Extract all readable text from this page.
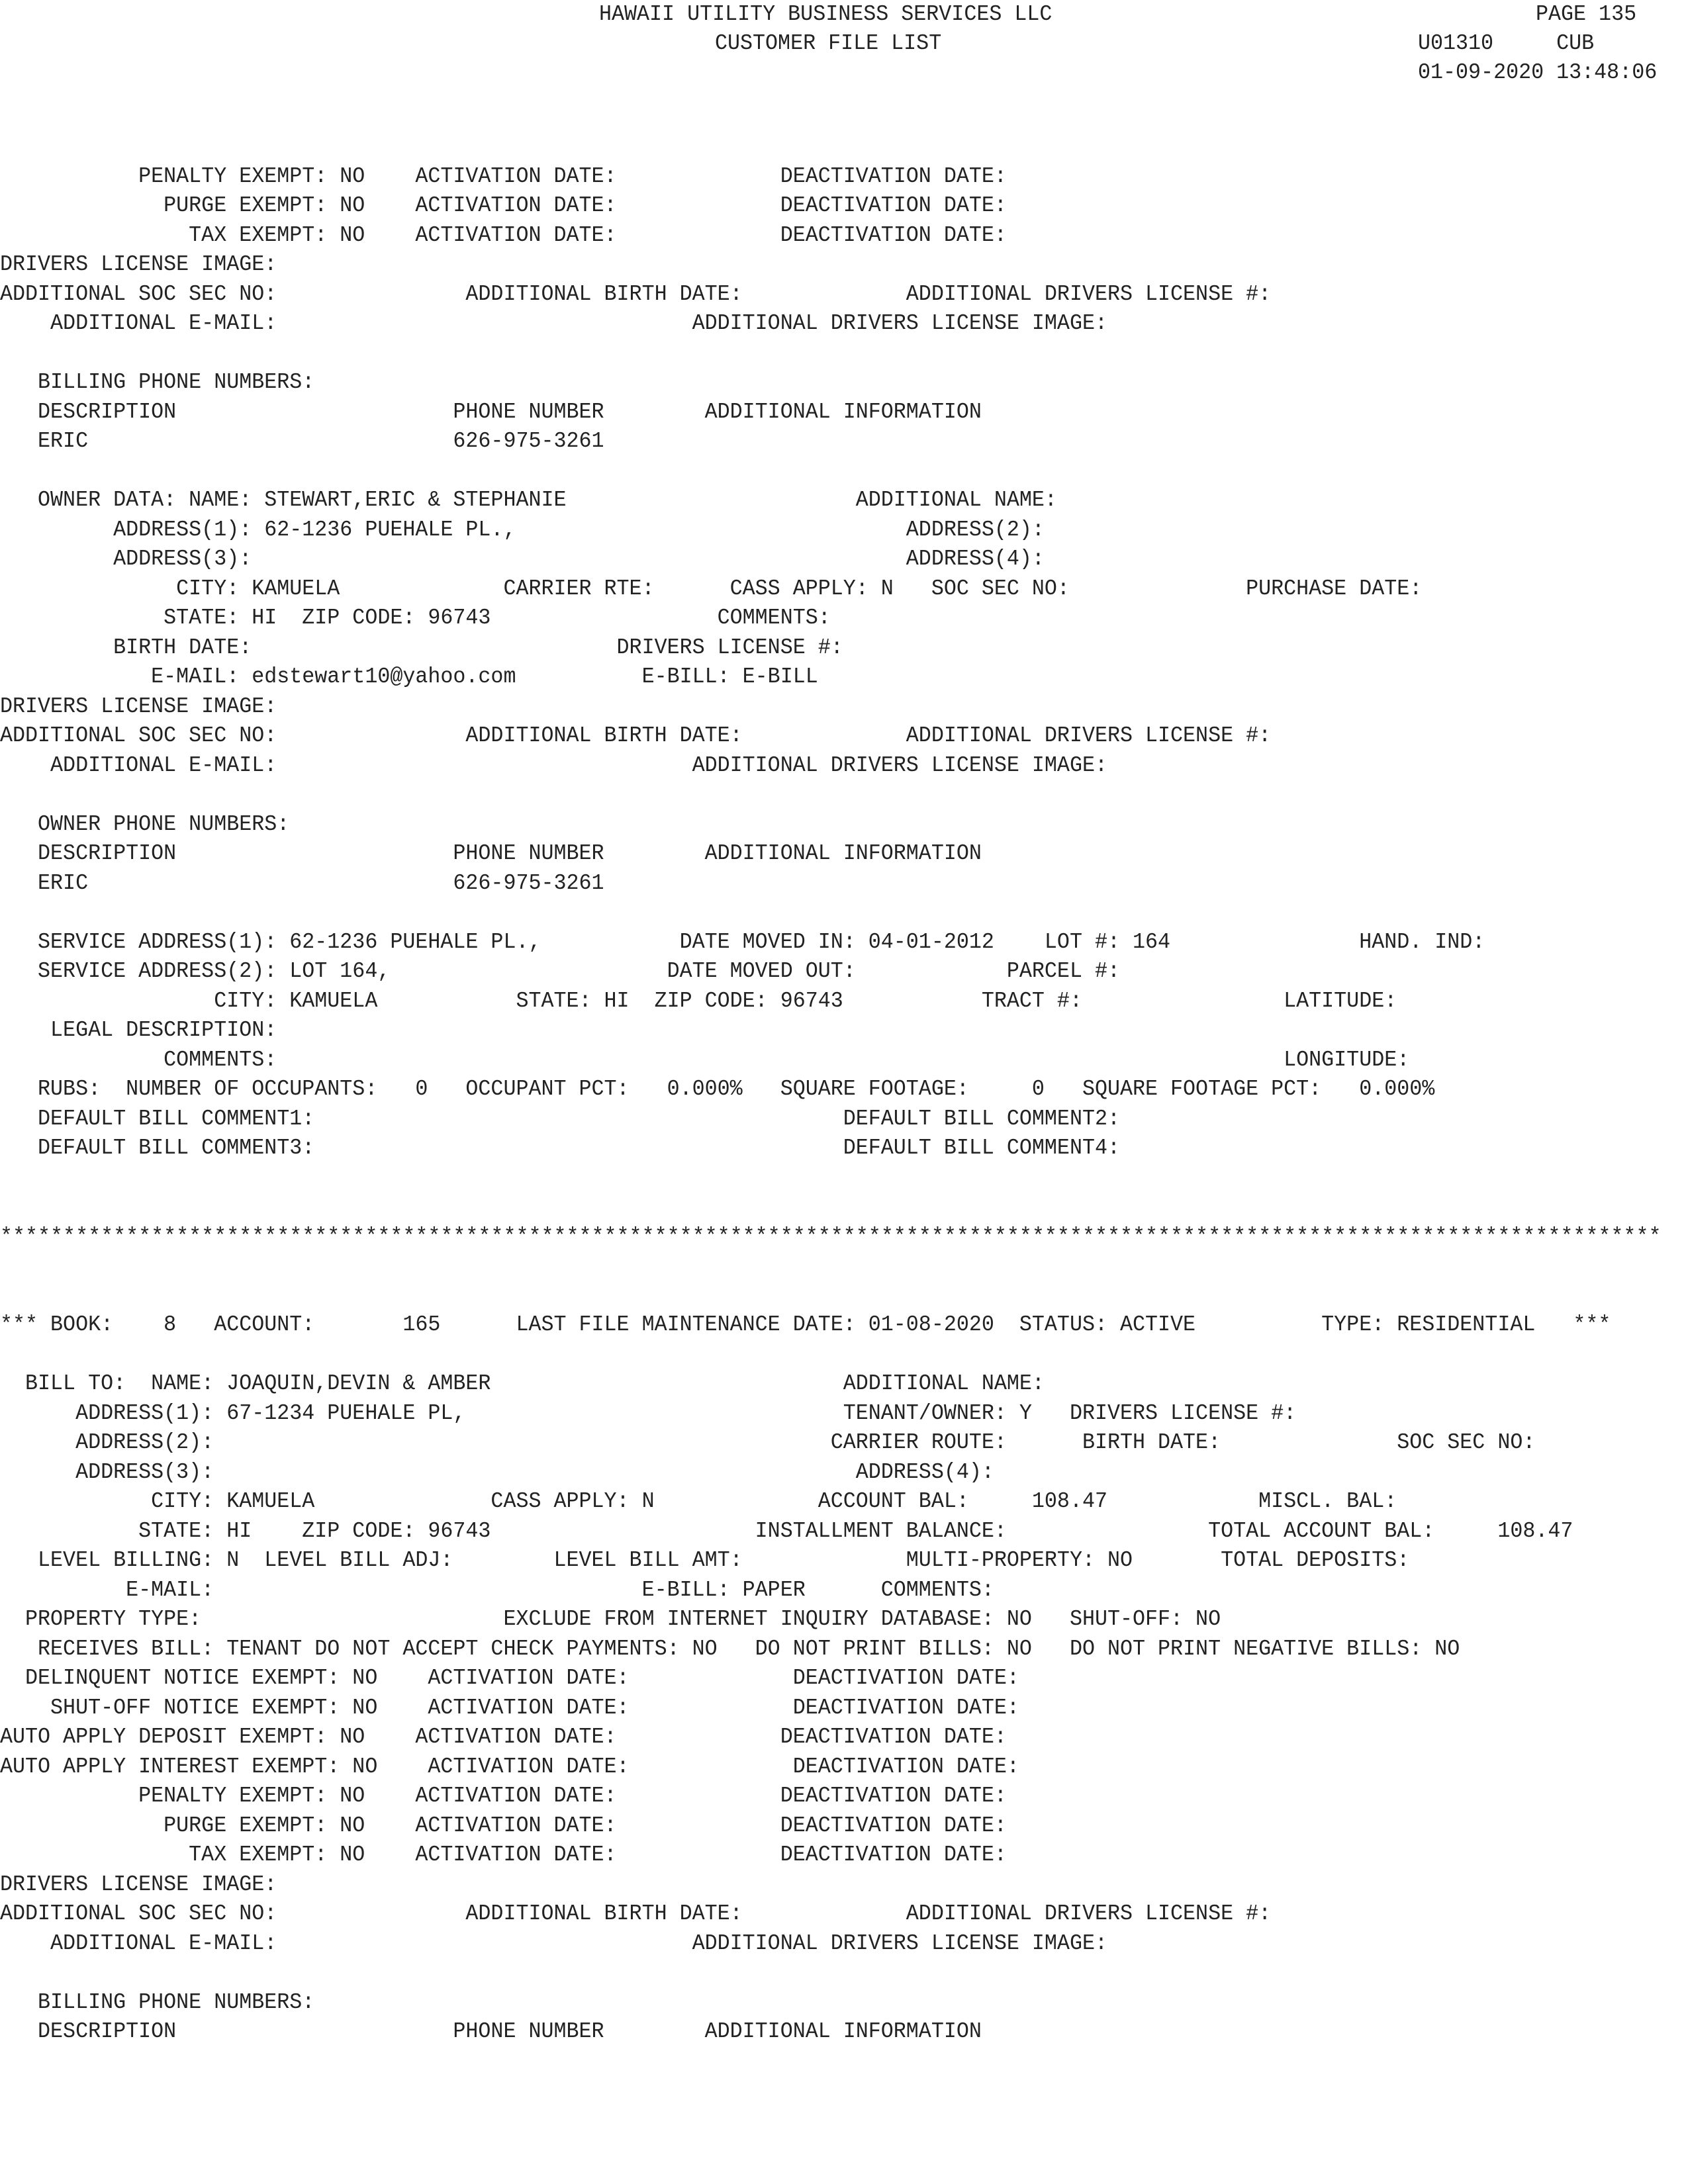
HAWAII UTILITY BUSINESS SERVICES LLC	PAGE 135
CUSTOMER FILE LIST	U01310     CUB
01-09-2020 13:48:06
PENALTY EXEMPT: NO    ACTIVATION DATE:             DEACTIVATION DATE:
PURGE EXEMPT: NO    ACTIVATION DATE:             DEACTIVATION DATE:
TAX EXEMPT: NO    ACTIVATION DATE:             DEACTIVATION DATE:
DRIVERS LICENSE IMAGE:
ADDITIONAL SOC SEC NO:               ADDITIONAL BIRTH DATE:             ADDITIONAL DRIVERS LICENSE #:
ADDITIONAL E-MAIL:                                 ADDITIONAL DRIVERS LICENSE IMAGE:
BILLING PHONE NUMBERS:
DESCRIPTION                      PHONE NUMBER        ADDITIONAL INFORMATION
ERIC                             626-975-3261
OWNER DATA: NAME: STEWART,ERIC & STEPHANIE                       ADDITIONAL NAME:
ADDRESS(1): 62-1236 PUEHALE PL.,                               ADDRESS(2):
ADDRESS(3):                                                    ADDRESS(4):
CITY: KAMUELA             CARRIER RTE:      CASS APPLY: N   SOC SEC NO:              PURCHASE DATE:
STATE: HI  ZIP CODE: 96743                  COMMENTS:
BIRTH DATE:                             DRIVERS LICENSE #:
E-MAIL: edstewart10@yahoo.com          E-BILL: E-BILL
DRIVERS LICENSE IMAGE:
ADDITIONAL SOC SEC NO:               ADDITIONAL BIRTH DATE:             ADDITIONAL DRIVERS LICENSE #:
ADDITIONAL E-MAIL:                                 ADDITIONAL DRIVERS LICENSE IMAGE:
OWNER PHONE NUMBERS:
DESCRIPTION                      PHONE NUMBER        ADDITIONAL INFORMATION
ERIC                             626-975-3261
SERVICE ADDRESS(1): 62-1236 PUEHALE PL.,           DATE MOVED IN: 04-01-2012    LOT #: 164               HAND. IND:
SERVICE ADDRESS(2): LOT 164,                      DATE MOVED OUT:            PARCEL #:
CITY: KAMUELA           STATE: HI  ZIP CODE: 96743           TRACT #:                LATITUDE:
LEGAL DESCRIPTION:
COMMENTS:                                                                                LONGITUDE:
RUBS:  NUMBER OF OCCUPANTS:   0   OCCUPANT PCT:   0.000%   SQUARE FOOTAGE:     0   SQUARE FOOTAGE PCT:   0.000%
DEFAULT BILL COMMENT1:                                          DEFAULT BILL COMMENT2:
DEFAULT BILL COMMENT3:                                          DEFAULT BILL COMMENT4:
************************************************************************************************************************************
*** BOOK:    8   ACCOUNT:       165      LAST FILE MAINTENANCE DATE: 01-08-2020  STATUS: ACTIVE          TYPE: RESIDENTIAL   ***
BILL TO:  NAME: JOAQUIN,DEVIN & AMBER                            ADDITIONAL NAME:
ADDRESS(1): 67-1234 PUEHALE PL,                              TENANT/OWNER: Y   DRIVERS LICENSE #:
ADDRESS(2):                                                 CARRIER ROUTE:      BIRTH DATE:              SOC SEC NO:
ADDRESS(3):                                                   ADDRESS(4):
CITY: KAMUELA              CASS APPLY: N             ACCOUNT BAL:     108.47            MISCL. BAL:
STATE: HI    ZIP CODE: 96743                     INSTALLMENT BALANCE:                TOTAL ACCOUNT BAL:     108.47
LEVEL BILLING: N  LEVEL BILL ADJ:        LEVEL BILL AMT:             MULTI-PROPERTY: NO       TOTAL DEPOSITS:
E-MAIL:                                  E-BILL: PAPER      COMMENTS:
PROPERTY TYPE:                        EXCLUDE FROM INTERNET INQUIRY DATABASE: NO   SHUT-OFF: NO
RECEIVES BILL: TENANT DO NOT ACCEPT CHECK PAYMENTS: NO   DO NOT PRINT BILLS: NO   DO NOT PRINT NEGATIVE BILLS: NO
DELINQUENT NOTICE EXEMPT: NO    ACTIVATION DATE:             DEACTIVATION DATE:
SHUT-OFF NOTICE EXEMPT: NO    ACTIVATION DATE:             DEACTIVATION DATE:
AUTO APPLY DEPOSIT EXEMPT: NO    ACTIVATION DATE:             DEACTIVATION DATE:
AUTO APPLY INTEREST EXEMPT: NO    ACTIVATION DATE:             DEACTIVATION DATE:
PENALTY EXEMPT: NO    ACTIVATION DATE:             DEACTIVATION DATE:
PURGE EXEMPT: NO    ACTIVATION DATE:             DEACTIVATION DATE:
TAX EXEMPT: NO    ACTIVATION DATE:             DEACTIVATION DATE:
DRIVERS LICENSE IMAGE:
ADDITIONAL SOC SEC NO:               ADDITIONAL BIRTH DATE:             ADDITIONAL DRIVERS LICENSE #:
ADDITIONAL E-MAIL:                                 ADDITIONAL DRIVERS LICENSE IMAGE:
BILLING PHONE NUMBERS:
DESCRIPTION                      PHONE NUMBER        ADDITIONAL INFORMATION
